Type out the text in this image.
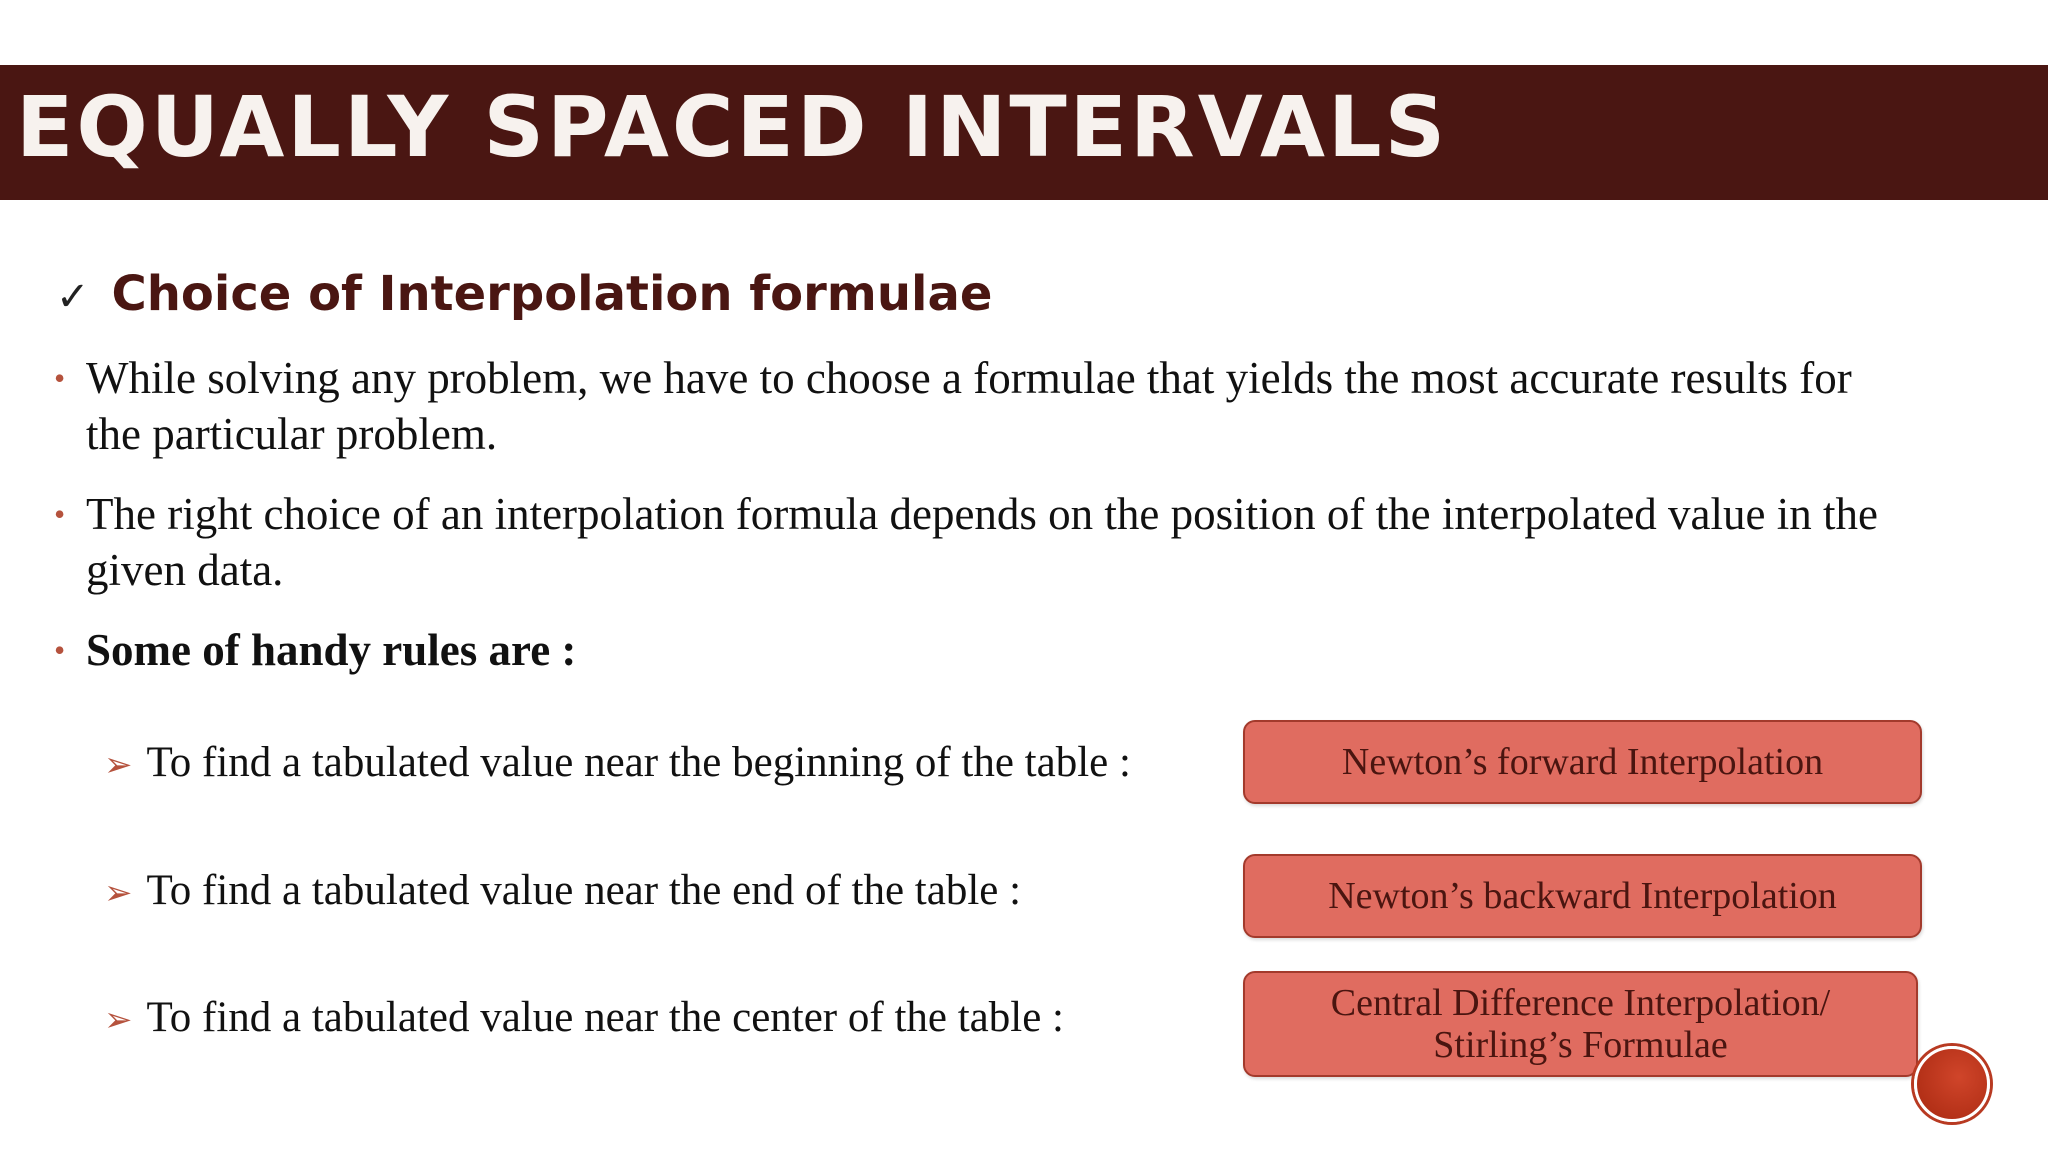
EQUALLY SPACED INTERVALS
✓ Choice of Interpolation formulae
• While solving any problem, we have to choose a formulae that yields the most accurate results for the particular problem.
• The right choice of an interpolation formula depends on the position of the interpolated value in the given data.
• Some of handy rules are :
➢ To find a tabulated value near the beginning of the table :
➢ To find a tabulated value near the end of the table :
➢ To find a tabulated value near the center of the table :
Newton’s forward Interpolation
Newton’s backward Interpolation
Central Difference Interpolation/ Stirling’s Formulae
